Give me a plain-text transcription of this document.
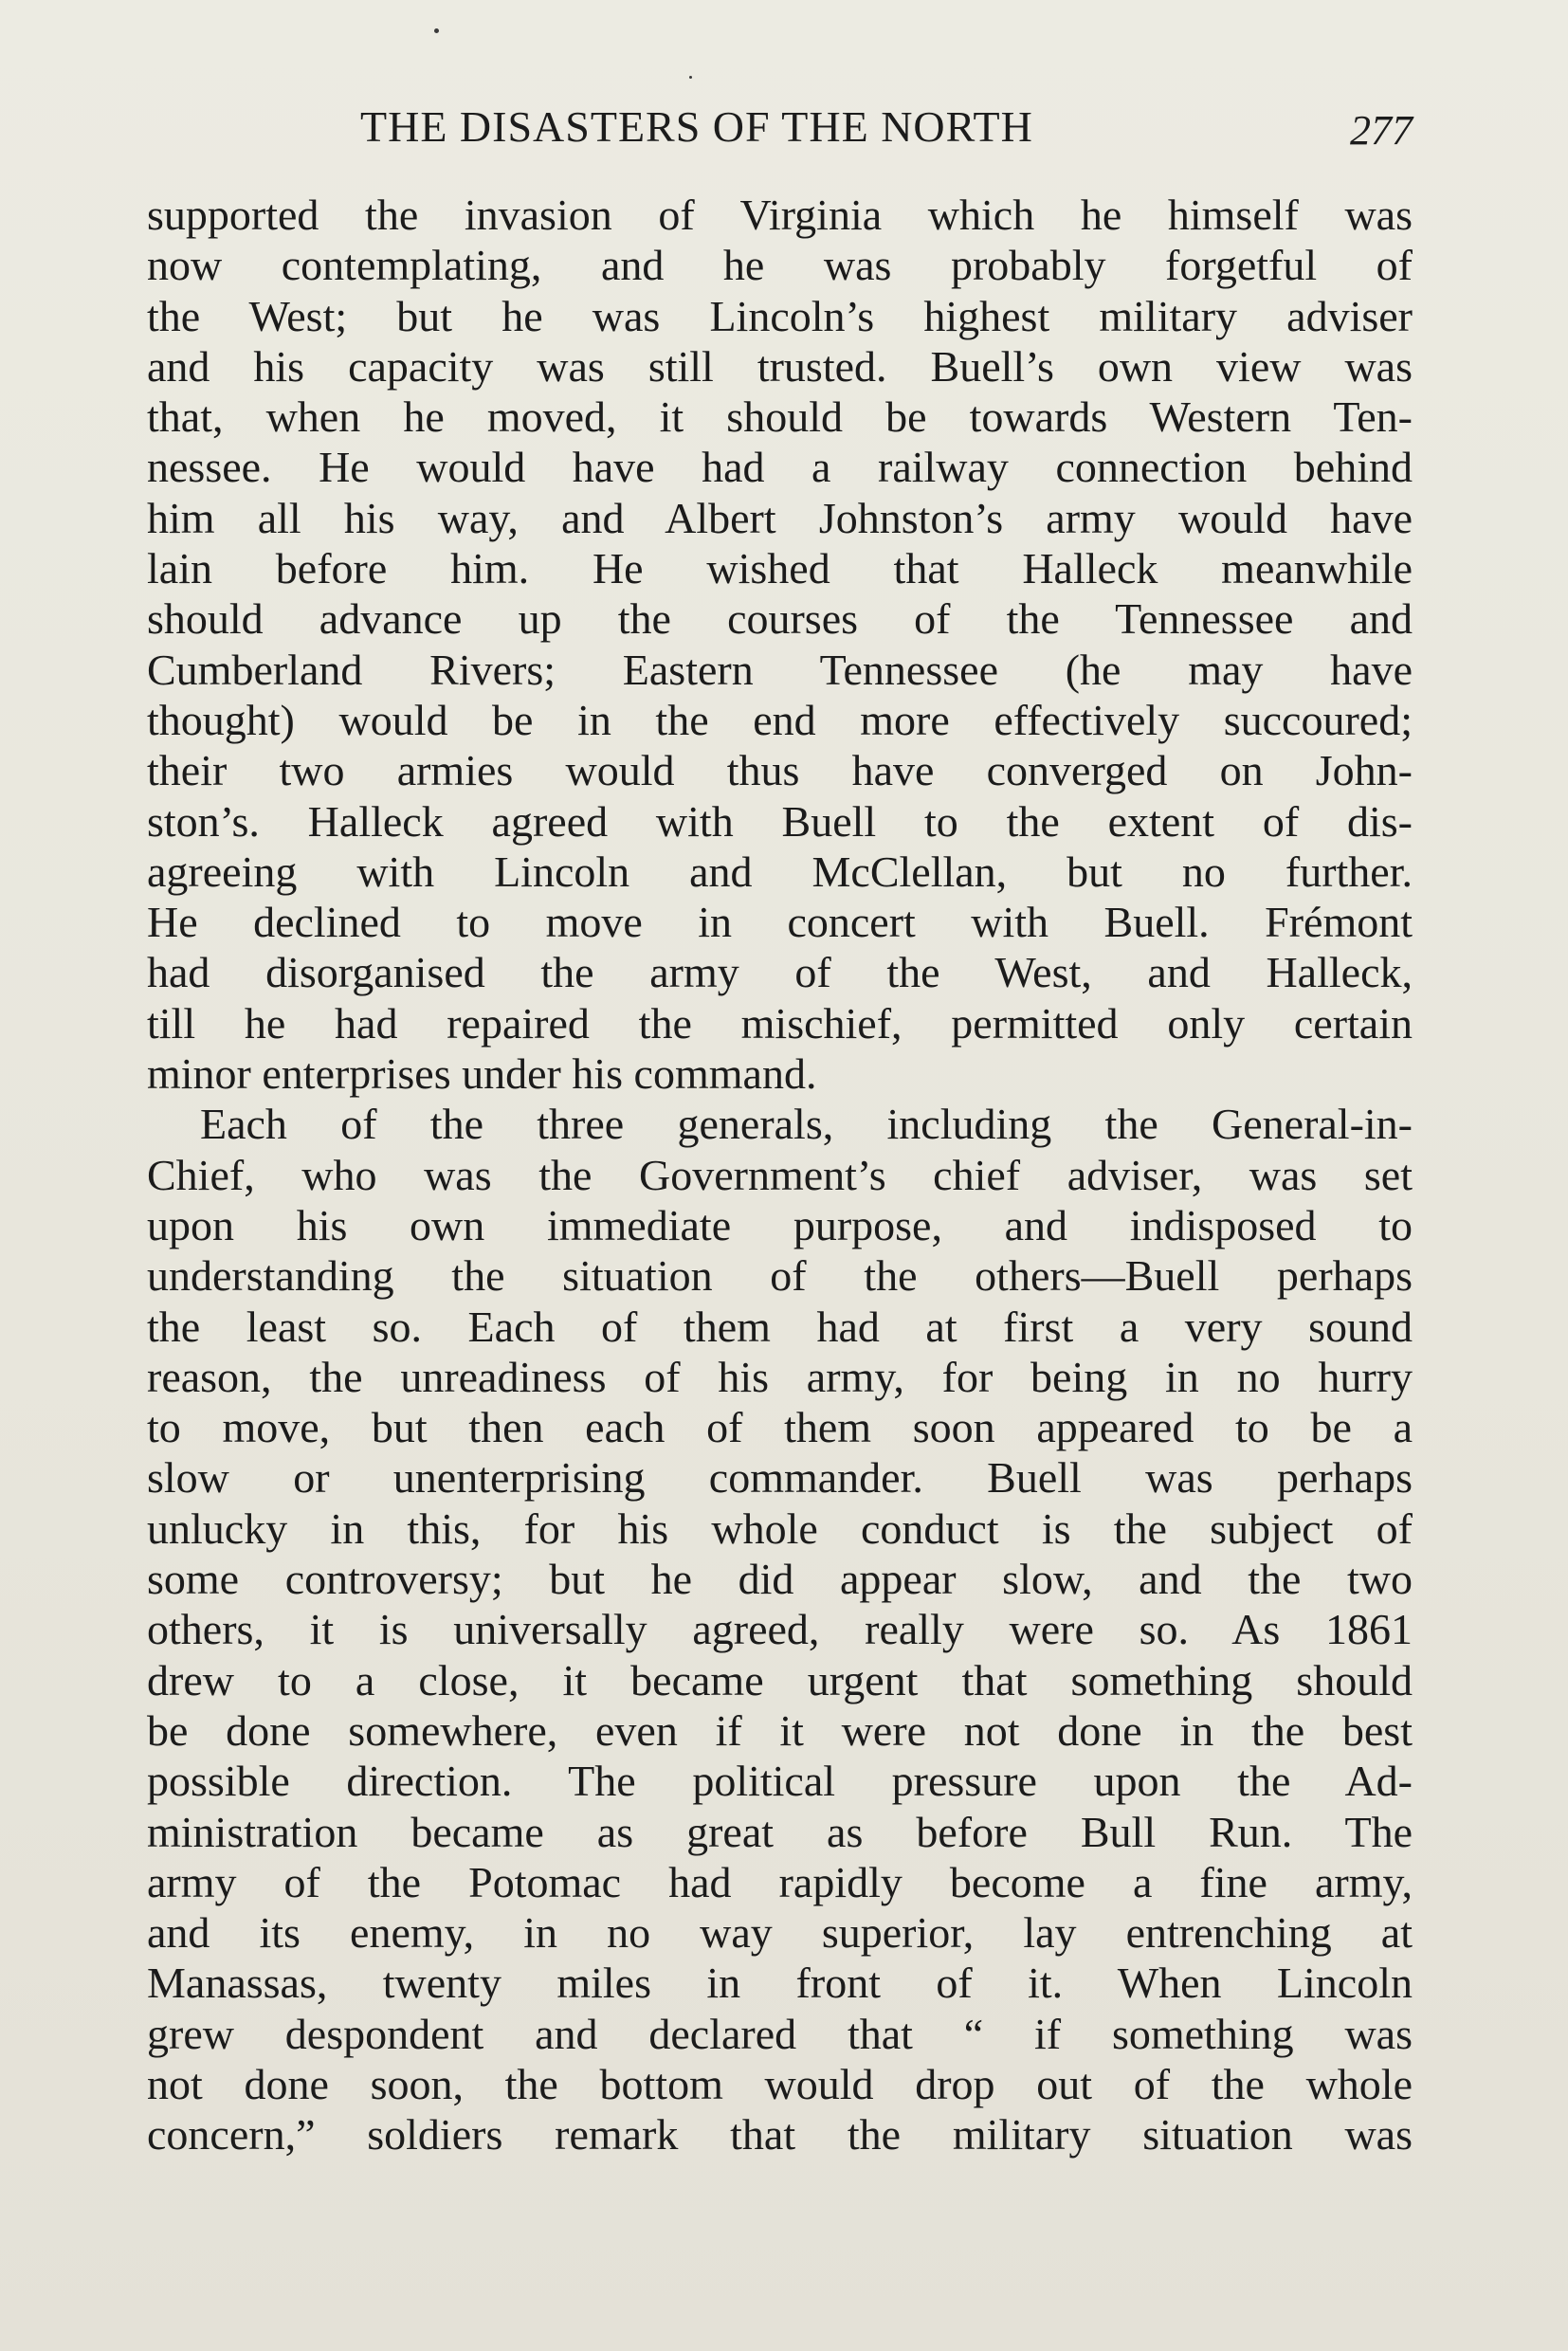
THE DISASTERS OF THE NORTH	277
supported the invasion of Virginia which he himself was
now contemplating, and he was probably forgetful of
the West; but he was Lincoln’s highest military adviser
and his capacity was still trusted. Buell’s own view was
that, when he moved, it should be towards Western Ten-
nessee. He would have had a railway connection behind
him all his way, and Albert Johnston’s army would have
lain before him. He wished that Halleck meanwhile
should advance up the courses of the Tennessee and
Cumberland Rivers; Eastern Tennessee (he may have
thought) would be in the end more effectively succoured;
their two armies would thus have converged on John-
ston’s. Halleck agreed with Buell to the extent of dis-
agreeing with Lincoln and McClellan, but no further.
He declined to move in concert with Buell. Frémont
had disorganised the army of the West, and Halleck,
till he had repaired the mischief, permitted only certain
minor enterprises under his command.
Each of the three generals, including the General-in-
Chief, who was the Government’s chief adviser, was set
upon his own immediate purpose, and indisposed to
understanding the situation of the others—Buell perhaps
the least so. Each of them had at first a very sound
reason, the unreadiness of his army, for being in no hurry
to move, but then each of them soon appeared to be a
slow or unenterprising commander. Buell was perhaps
unlucky in this, for his whole conduct is the subject of
some controversy; but he did appear slow, and the two
others, it is universally agreed, really were so. As 1861
drew to a close, it became urgent that something should
be done somewhere, even if it were not done in the best
possible direction. The political pressure upon the Ad-
ministration became as great as before Bull Run. The
army of the Potomac had rapidly become a fine army,
and its enemy, in no way superior, lay entrenching at
Manassas, twenty miles in front of it. When Lincoln
grew despondent and declared that “ if something was
not done soon, the bottom would drop out of the whole
concern,” soldiers remark that the military situation was
